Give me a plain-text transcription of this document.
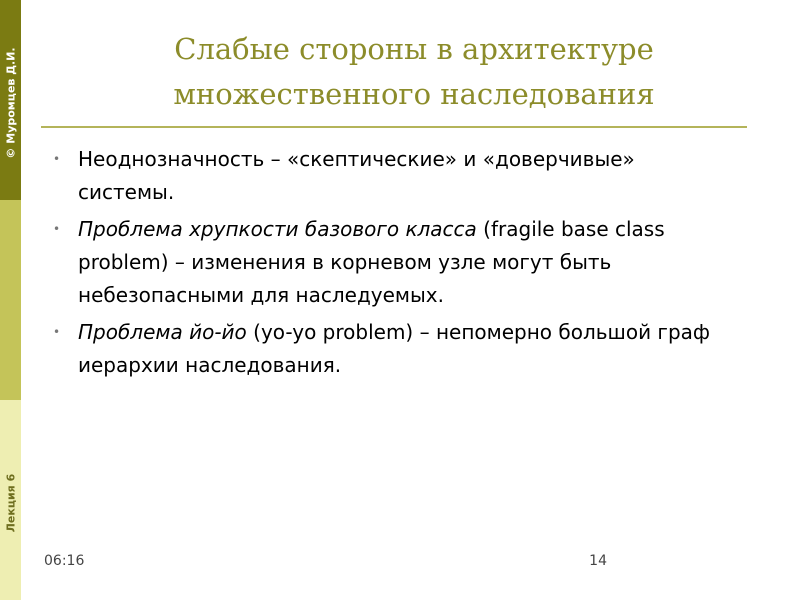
© Муромцев Д.И.
Лекция 6
Слабые стороны в архитектуре
множественного наследования
• Неоднозначность – «скептические» и «доверчивые» системы.
• Проблема хрупкости базового класса (fragile base class problem) – изменения в корневом узле могут быть небезопасными для наследуемых.
• Проблема йо-йо (yo-yo problem) – непомерно большой граф иерархии наследования.
06:16	14
